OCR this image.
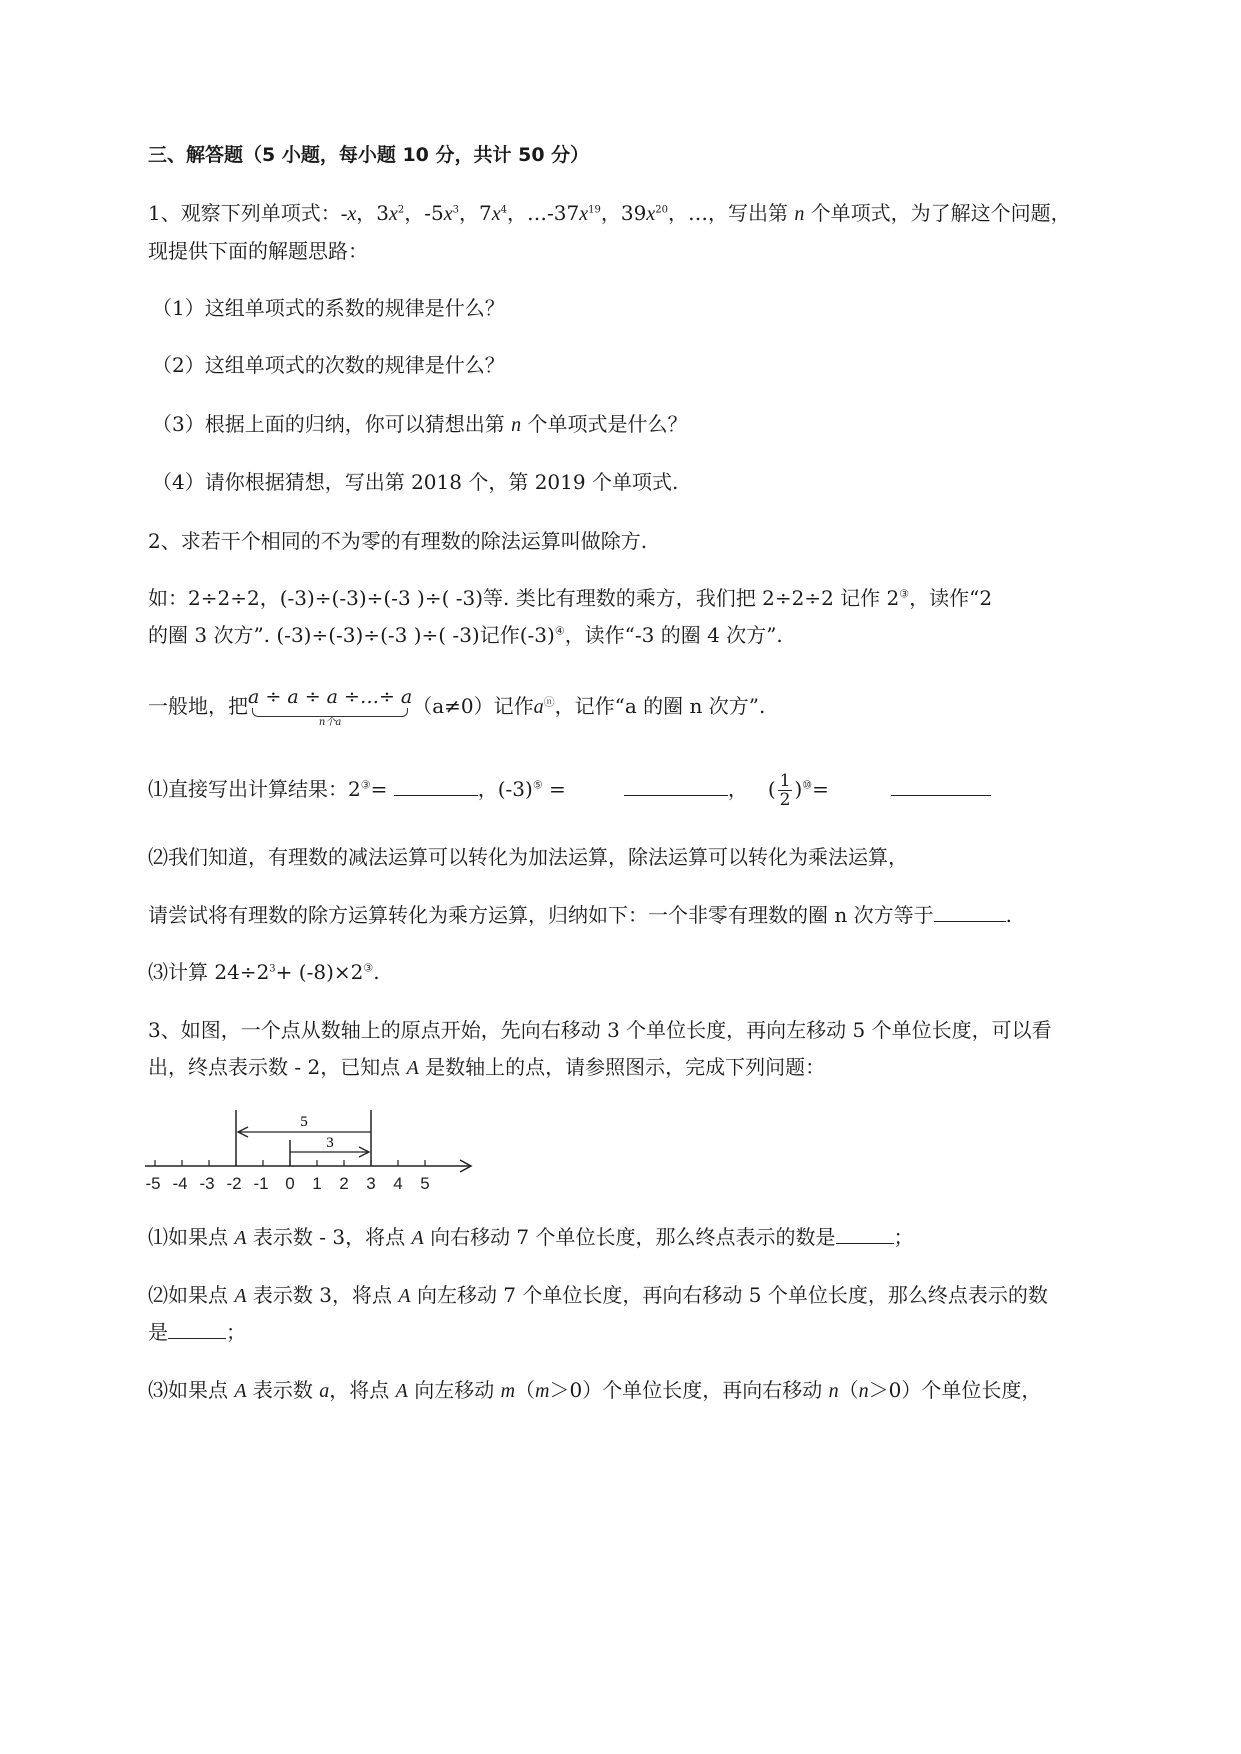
三、解答题（5 小题，每小题 10 分，共计 50 分）
1、观察下列单项式：-x，$3x^2$，$-5x^3$，$7x^4$，$\dots-37x^{19}$，$39x^{20}$，…，写出第 n 个单项式，为了解这个问题，
现提供下面的解题思路：
（1）这组单项式的系数的规律是什么？
（2）这组单项式的次数的规律是什么？
（3）根据上面的归纳，你可以猜想出第 n 个单项式是什么？
（4）请你根据猜想，写出第 2018 个，第 2019 个单项式.
2、求若干个相同的不为零的有理数的除法运算叫做除方.
如：2÷2÷2，(-3)÷(-3)÷(-3 )÷( -3)等. 类比有理数的乘方，我们把 2÷2÷2 记作 2③，读作“2
的圈 3 次方”. (-3)÷(-3)÷(-3 )÷( -3)记作(-3)④，读作“-3 的圈 4 次方”.
一般地，把 a ÷ a ÷ a ÷…÷ a
n个a
（a≠0）记作aⓝ，记作“a 的圈 n 次方”.
⑴直接写出计算结果：2③=	，(-3)⑤ =	， ( $\frac{1}{2} )^⑩=$
⑵我们知道，有理数的减法运算可以转化为加法运算，除法运算可以转化为乘法运算，
请尝试将有理数的除方运算转化为乘方运算，归纳如下：一个非零有理数的圈 n 次方等于	.
⑶计算 $24\div 2^3+ (-8)\times 2^③$.
3、如图，一个点从数轴上的原点开始，先向右移动 3 个单位长度，再向左移动 5 个单位长度，可以看
出，终点表示数 - 2，已知点 A 是数轴上的点，请参照图示，完成下列问题：
5
3
-5 -4 -3 -2 -1 0 1 2 3 4 5
⑴如果点 A 表示数 - 3，将点 A 向右移动 7 个单位长度，那么终点表示的数是	；
⑵如果点 A 表示数 3，将点 A 向左移动 7 个单位长度，再向右移动 5 个单位长度，那么终点表示的数
是	；
⑶如果点 A 表示数 a，将点 A 向左移动 m（m＞0）个单位长度，再向右移动 n（n＞0）个单位长度，
